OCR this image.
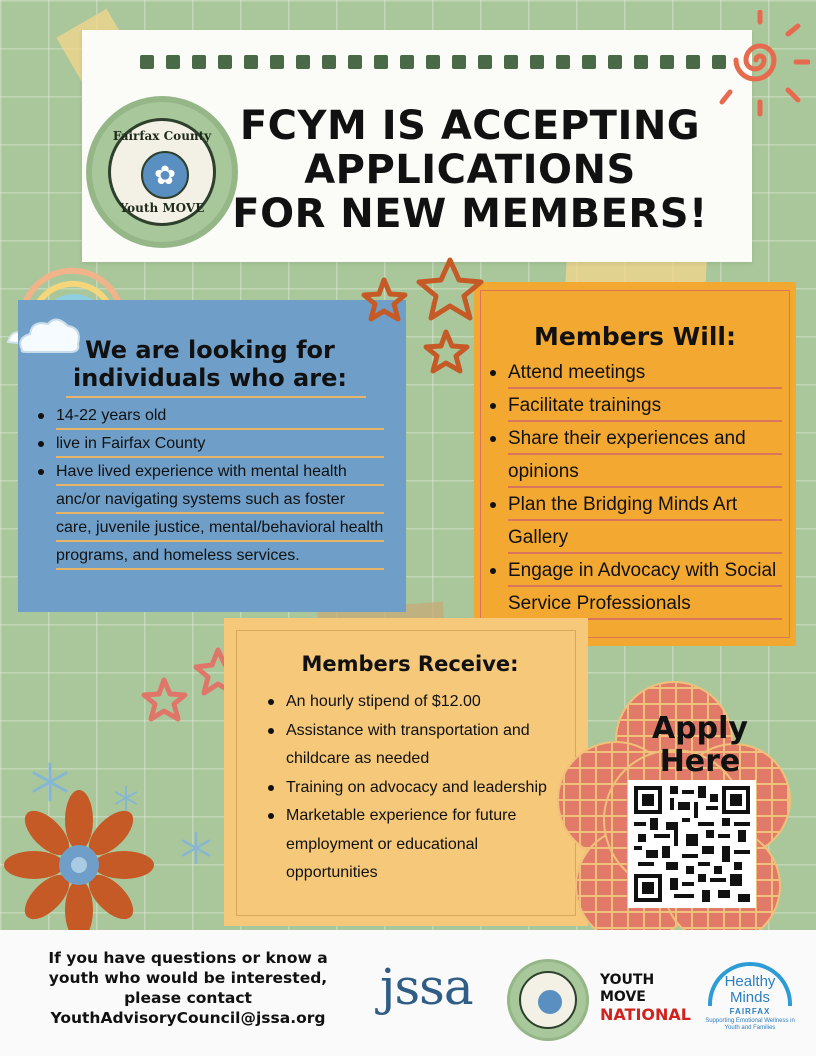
FCYM IS ACCEPTING
APPLICATIONS
FOR NEW MEMBERS!
Fairfax County
✿
Youth MOVE
We are looking for
individuals who are:
14-22 years old
live in Fairfax County
Have lived experience with mental health anc/or navigating systems such as foster care, juvenile justice, mental/behavioral health programs, and homeless services.
Members Will:
Attend meetings
Facilitate trainings
Share their experiences and opinions
Plan the Bridging Minds Art Gallery
Engage in Advocacy with Social Service Professionals
Members Receive:
An hourly stipend of $12.00
Assistance with transportation and childcare as needed
Training on advocacy and leadership
Marketable experience for future employment or educational opportunities
Apply
Here
If you have questions or know a
youth who would be interested,
please contact
YouthAdvisoryCouncil@jssa.org
jssa	YOUTH
MOVE
NATIONAL
Healthy
Minds
FAIRFAX
Supporting Emotional Wellness in Youth and Families
